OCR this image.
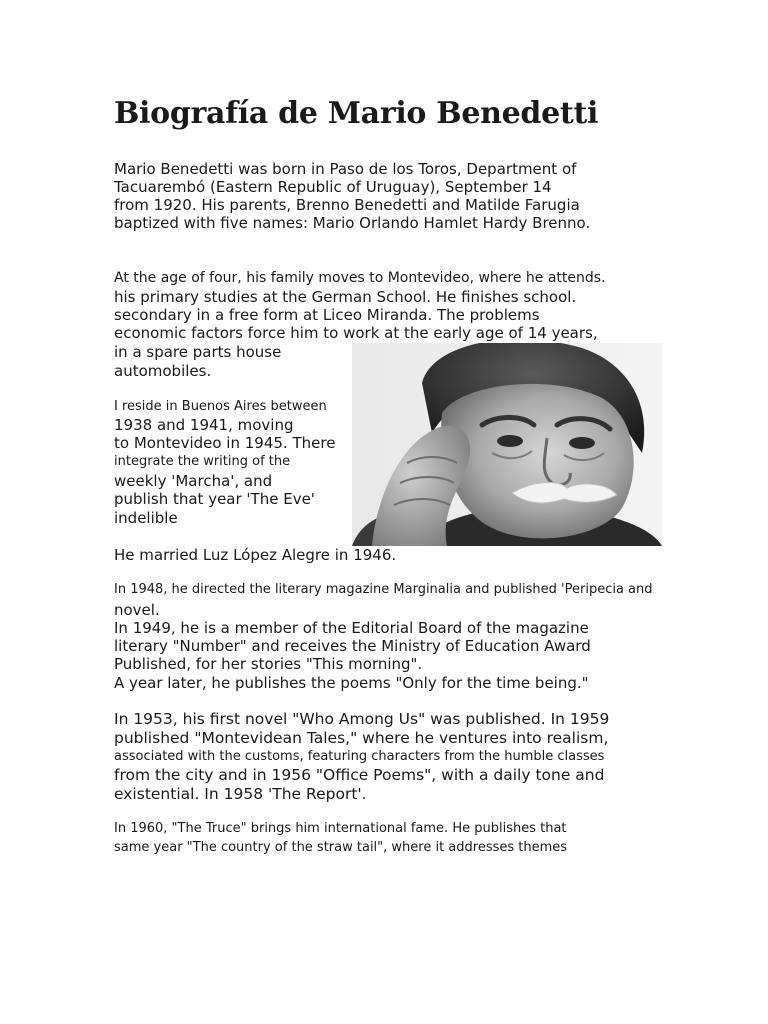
Biografía de Mario Benedetti

Mario Benedetti was born in Paso de los Toros, Department of

Tacuarembó (Eastern Republic of Uruguay), September 14

from 1920. His parents, Brenno Benedetti and Matilde Farugia

baptized with five names: Mario Orlando Hamlet Hardy Brenno.

At the age of four, his family moves to Montevideo, where he attends.

his primary studies at the German School. He finishes school.

secondary in a free form at Liceo Miranda. The problems

economic factors force him to work at the early age of 14 years,

in a spare parts house

automobiles.

I reside in Buenos Aires between

1938 and 1941, moving

to Montevideo in 1945. There

integrate the writing of the

weekly 'Marcha', and

publish that year 'The Eve'

indelible

He married Luz López Alegre in 1946.

In 1948, he directed the literary magazine Marginalia and published 'Peripecia and

novel.

In 1949, he is a member of the Editorial Board of the magazine

literary "Number" and receives the Ministry of Education Award

Published, for her stories "This morning".

A year later, he publishes the poems "Only for the time being."

In 1953, his first novel "Who Among Us" was published. In 1959

published "Montevidean Tales," where he ventures into realism,

associated with the customs, featuring characters from the humble classes

from the city and in 1956 "Office Poems", with a daily tone and

existential. In 1958 'The Report'.

In 1960, "The Truce" brings him international fame. He publishes that

same year "The country of the straw tail", where it addresses themes
